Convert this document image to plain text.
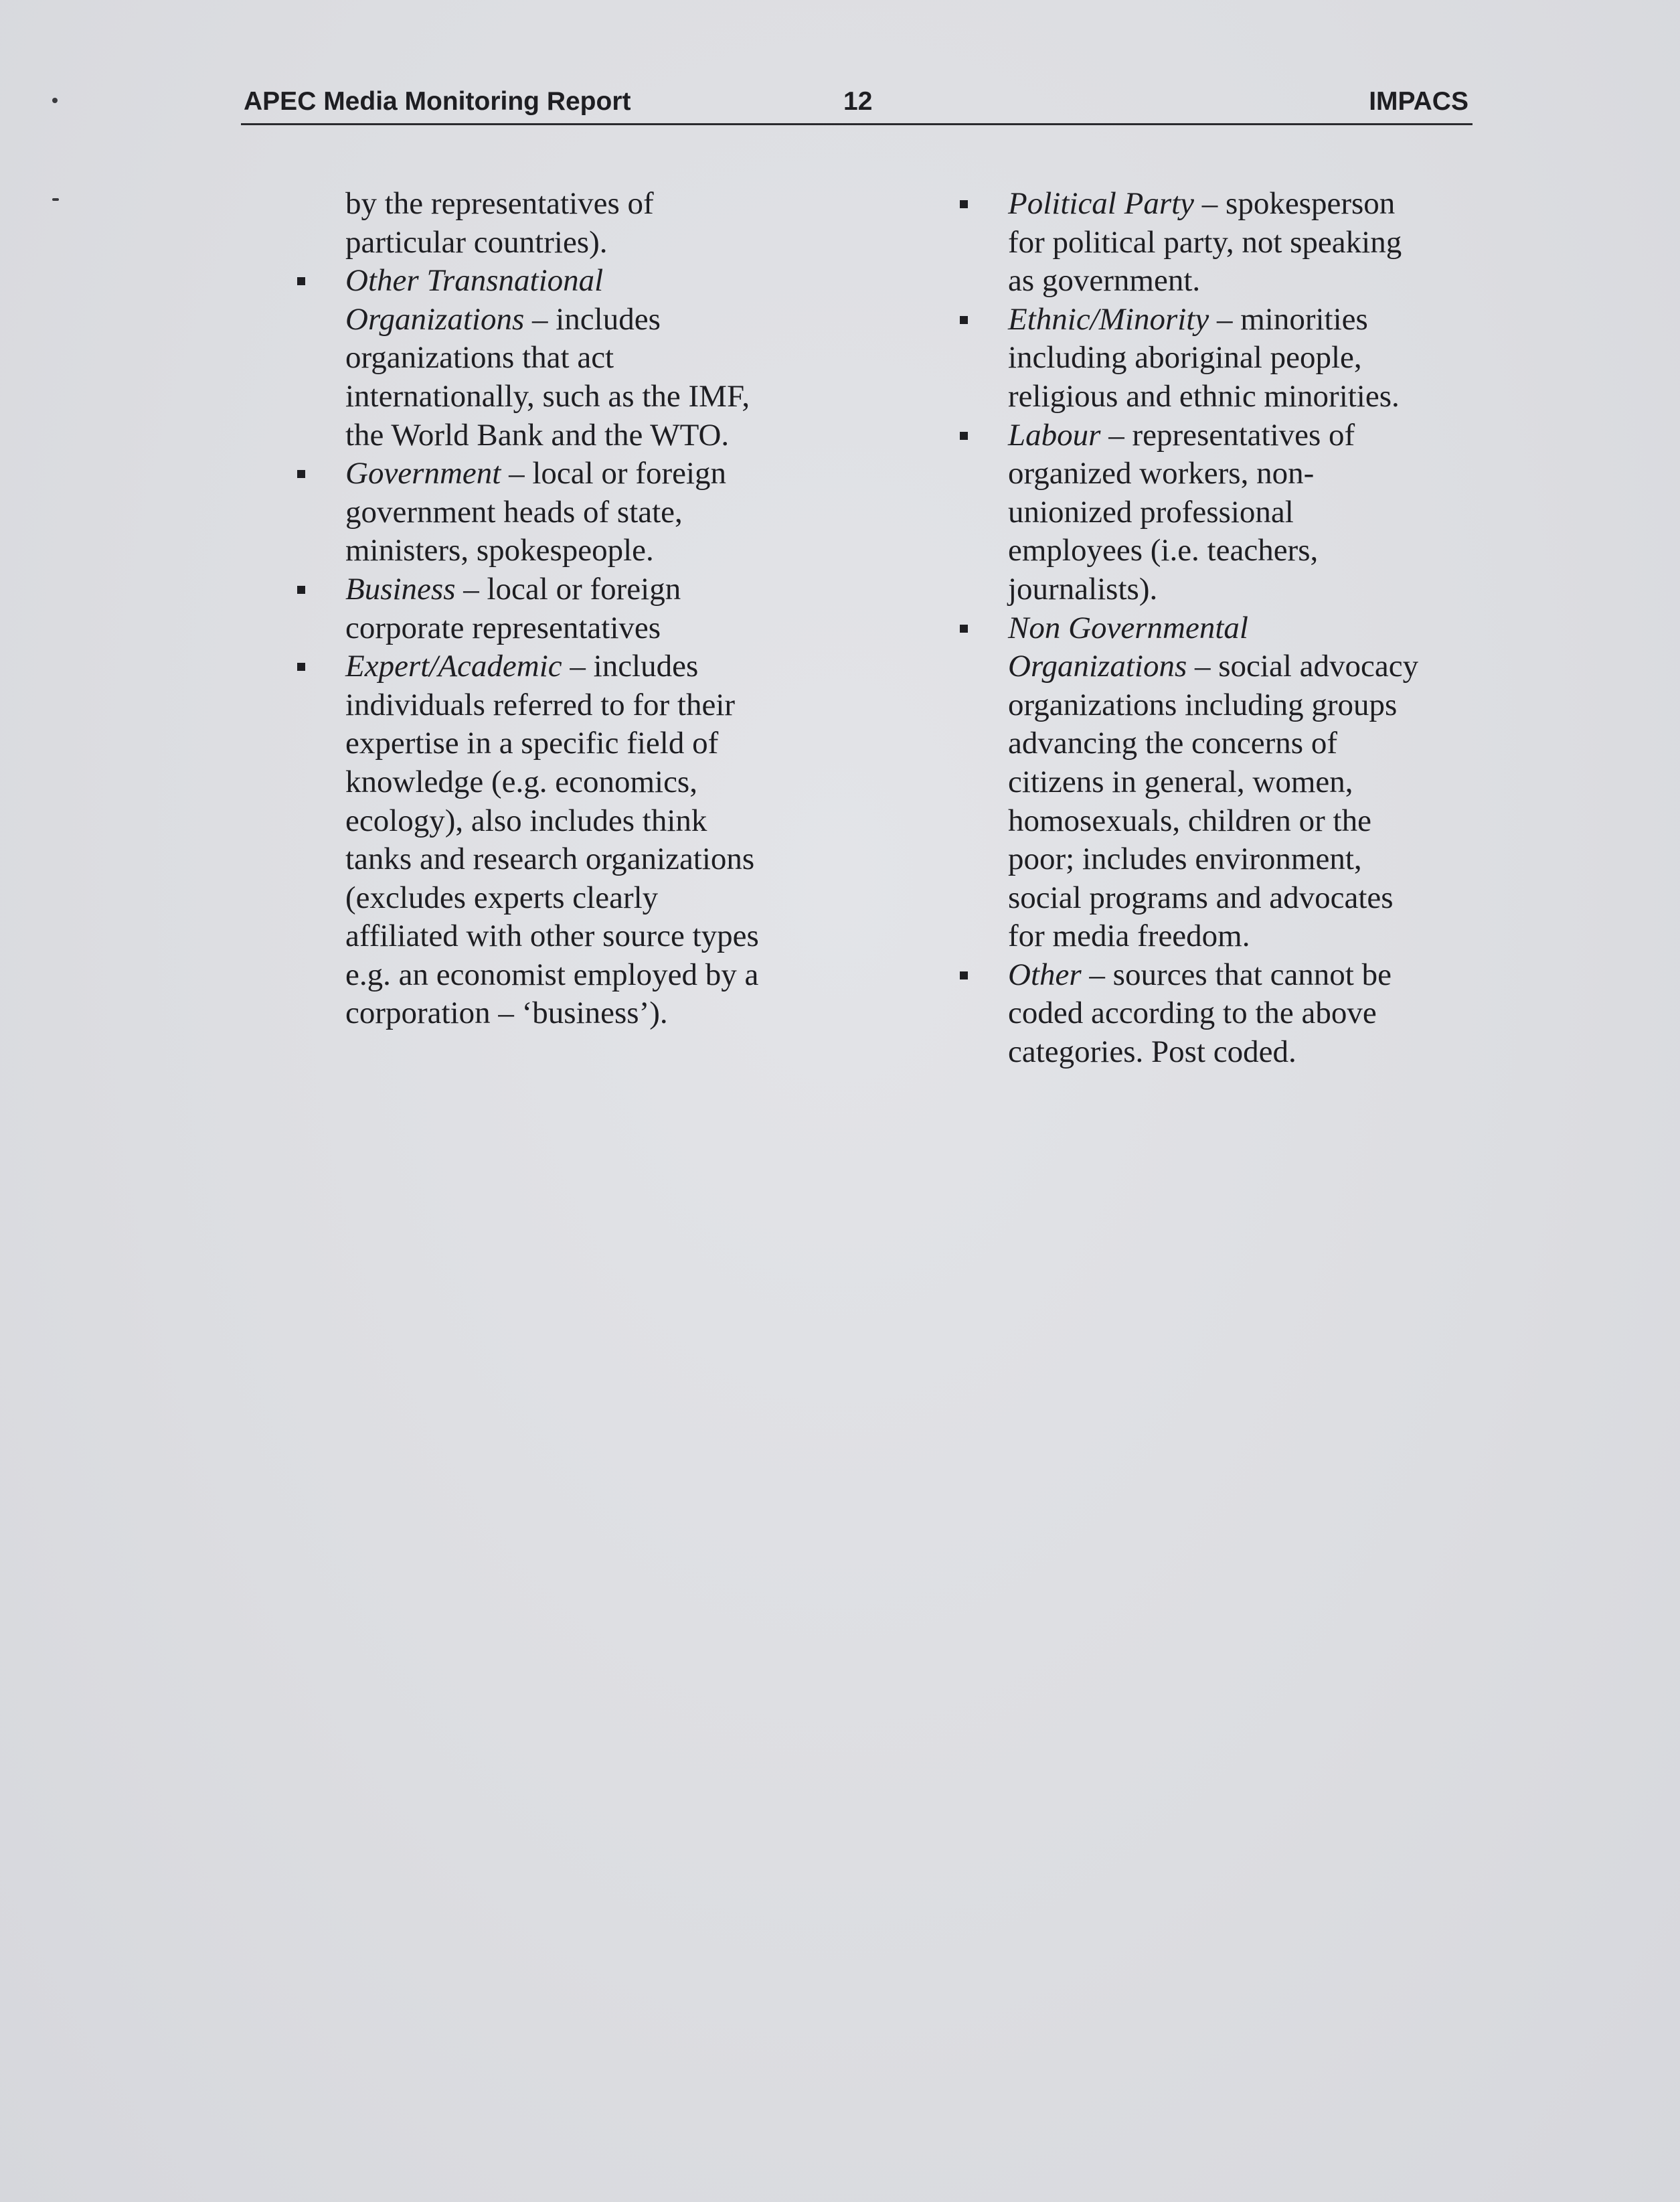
APEC Media Monitoring Report	12	IMPACS

by the representatives of
particular countries).

Other Transnational
Organizations – includes
organizations that act
internationally, such as the IMF,
the World Bank and the WTO.
Government – local or foreign
government heads of state,
ministers, spokespeople.
Business – local or foreign
corporate representatives
Expert/Academic – includes
individuals referred to for their
expertise in a specific field of
knowledge (e.g. economics,
ecology), also includes think
tanks and research organizations
(excludes experts clearly
affiliated with other source types
e.g. an economist employed by a
corporation – ‘business’).
Political Party – spokesperson
for political party, not speaking
as government.
Ethnic/Minority – minorities
including aboriginal people,
religious and ethnic minorities.
Labour – representatives of
organized workers, non-
unionized professional
employees (i.e. teachers,
journalists).
Non Governmental
Organizations – social advocacy
organizations including groups
advancing the concerns of
citizens in general, women,
homosexuals, children or the
poor; includes environment,
social programs and advocates
for media freedom.
Other – sources that cannot be
coded according to the above
categories. Post coded.
